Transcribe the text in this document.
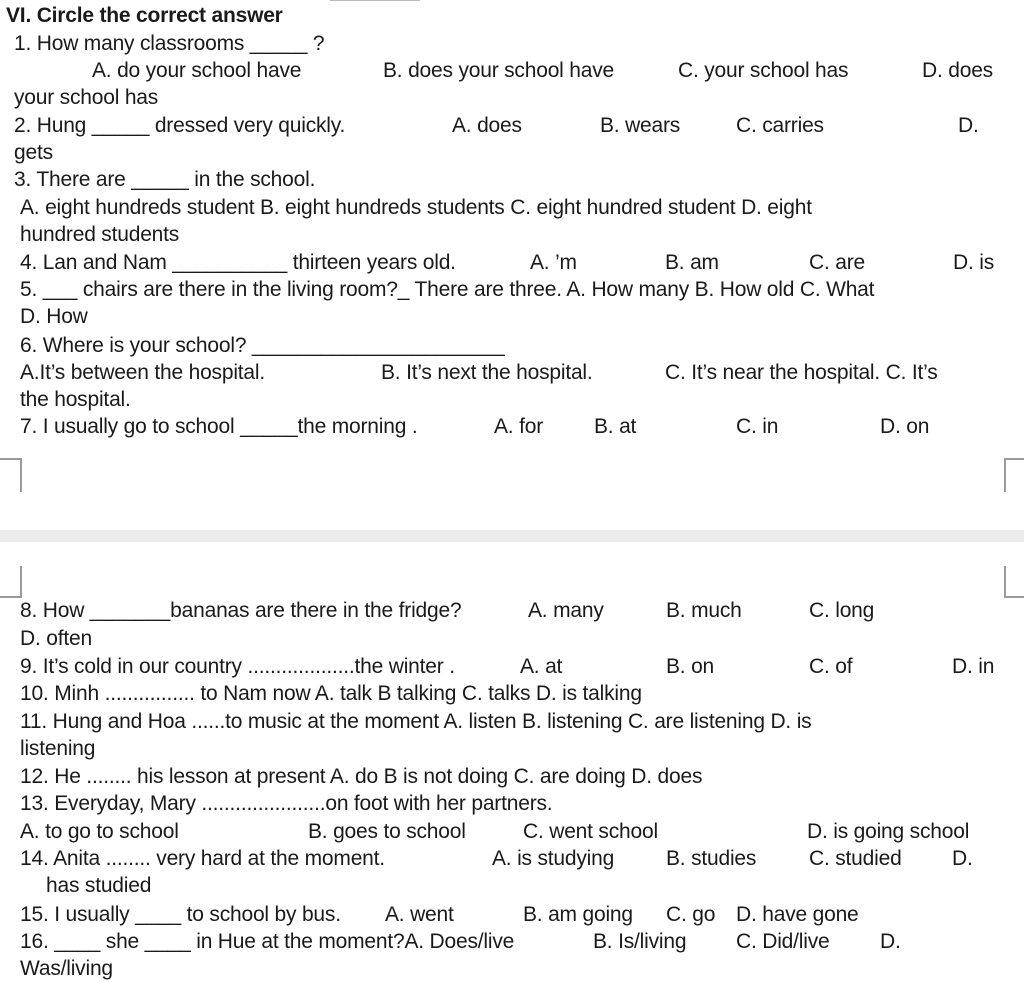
VI. Circle the correct answer
1. How many classrooms _____ ?
A. do your school have	B. does your school have	C. your school has	D. does
your school has
2. Hung _____ dressed very quickly.	A. does	B. wears	C. carries	D.
gets
3. There are _____ in the school.
A. eight hundreds student B. eight hundreds students C. eight hundred student D. eight
hundred students
4. Lan and Nam __________ thirteen years old.	A. ’m	B. am	C. are	D. is
5. ___ chairs are there in the living room?_ There are three. A. How many B. How old C. What
D. How
6. Where is your school? ______________________
A.It’s between the hospital.	B. It’s next the hospital.	C. It’s near the hospital. C. It’s
the hospital.
7. I usually go to school _____the morning .	A. for B. at	C. in	D. on
8. How _______bananas are there in the fridge?	A. many	B. much	C. long
D. often
9. It’s cold in our country ...................the winter .	A. at	B. on	C. of	D. in
10. Minh ................ to Nam now A. talk B talking C. talks D. is talking
11. Hung and Hoa ......to music at the moment A. listen B. listening C. are listening D. is
listening
12. He ........ his lesson at present A. do B is not doing C. are doing D. does
13. Everyday, Mary ......................on foot with her partners.
A. to go to school	B. goes to school	C. went school	D. is going school
14. Anita ........ very hard at the moment.	A. is studying B. studies	C. studied D.
has studied
15. I usually ____ to school by bus. A. went	B. am going C. go D. have gone
16. ____ she ____ in Hue at the moment?A. Does/live	B. Is/living C. Did/live D.
Was/living
